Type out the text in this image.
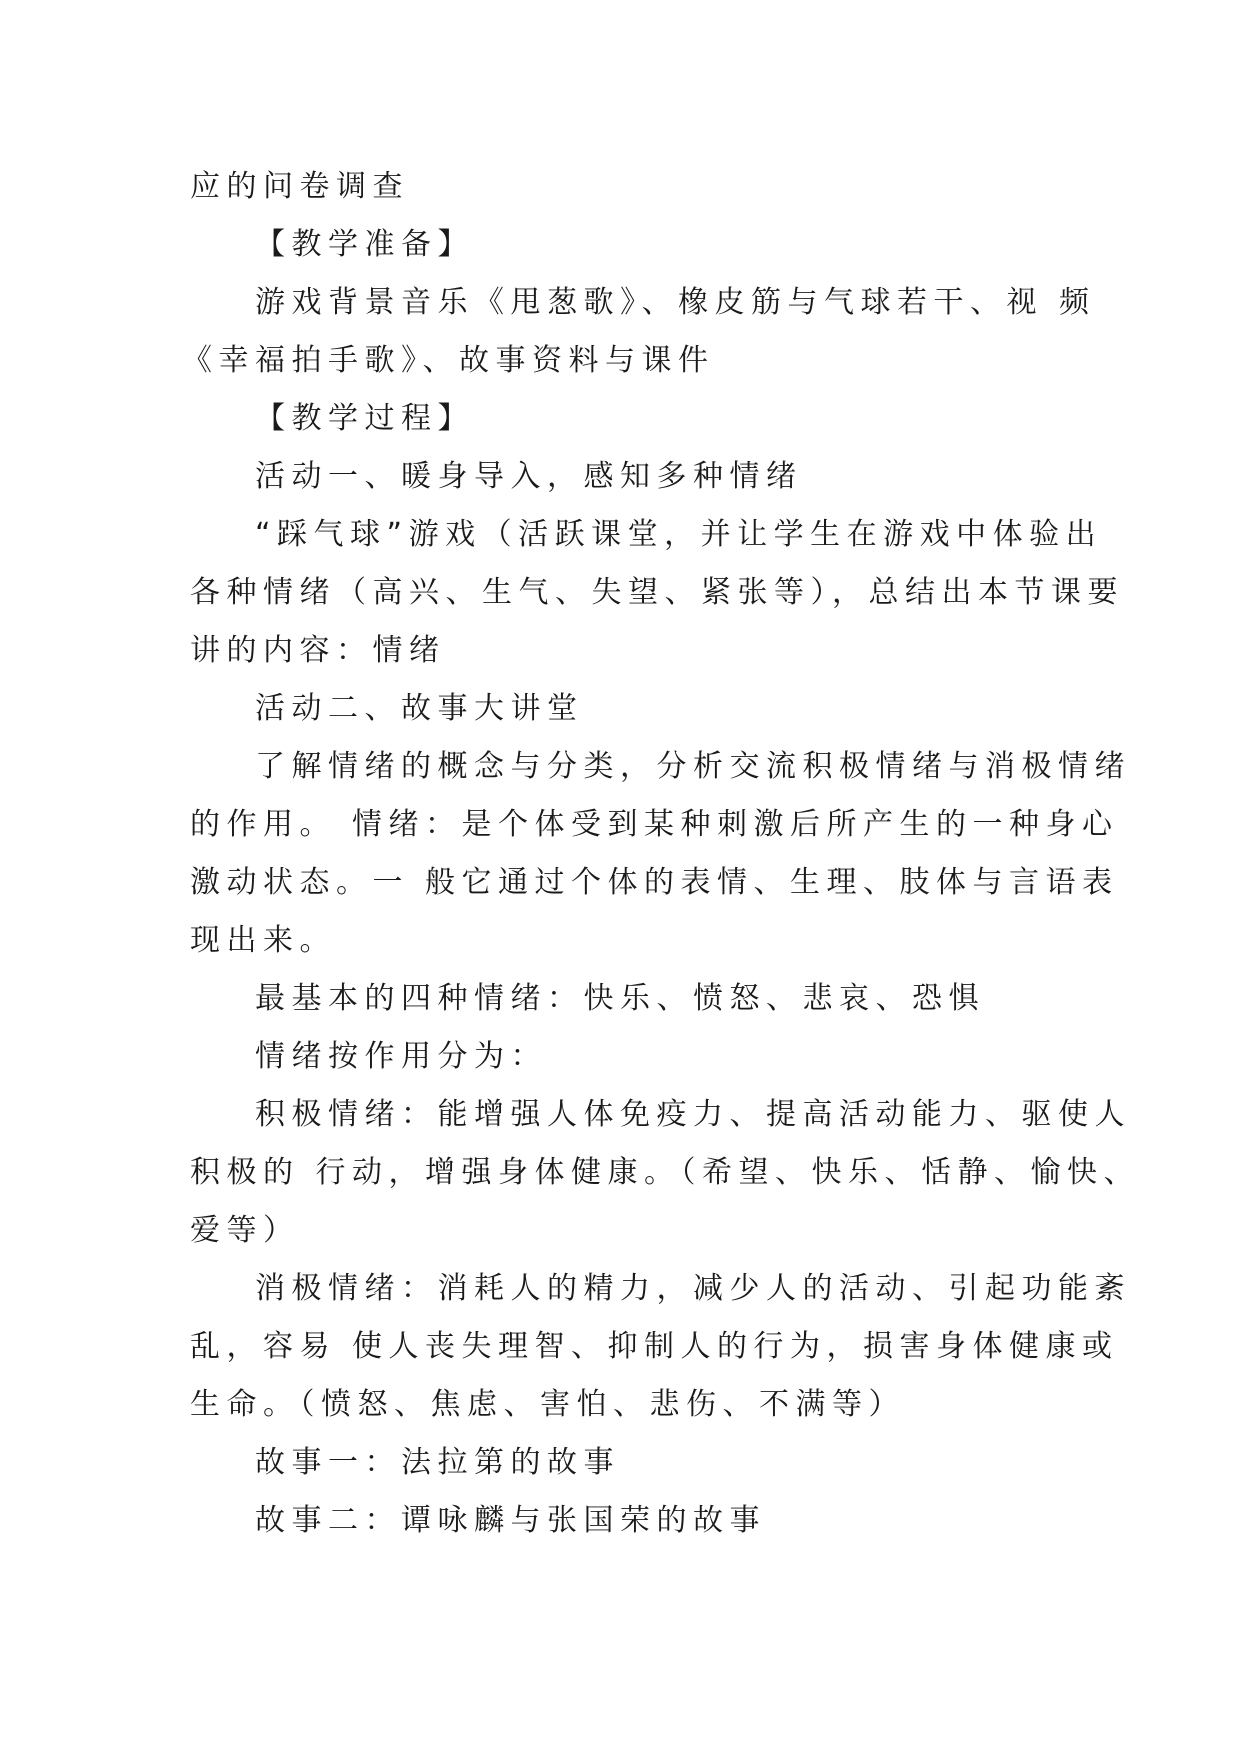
应的问卷调查
【教学准备】
游戏背景音乐《甩葱歌》、橡皮筋与气球若干、视 频
《幸福拍手歌》、故事资料与课件
【教学过程】
活动一、暖身导入，感知多种情绪
“踩气球”游戏（活跃课堂，并让学生在游戏中体验出
各种情绪（高兴、生气、失望、紧张等），总结出本节课要
讲的内容：情绪
活动二、故事大讲堂
了解情绪的概念与分类，分析交流积极情绪与消极情绪
的作用。 情绪：是个体受到某种刺激后所产生的一种身心
激动状态。一 般它通过个体的表情、生理、肢体与言语表
现出来。
最基本的四种情绪：快乐、愤怒、悲哀、恐惧
情绪按作用分为：
积极情绪：能增强人体免疫力、提高活动能力、驱使人
积极的 行动，增强身体健康。（希望、快乐、恬静、愉快、
爱等）
消极情绪：消耗人的精力，减少人的活动、引起功能紊
乱，容易 使人丧失理智、抑制人的行为，损害身体健康或
生命。（愤怒、焦虑、害怕、悲伤、不满等）
故事一：法拉第的故事
故事二：谭咏麟与张国荣的故事
